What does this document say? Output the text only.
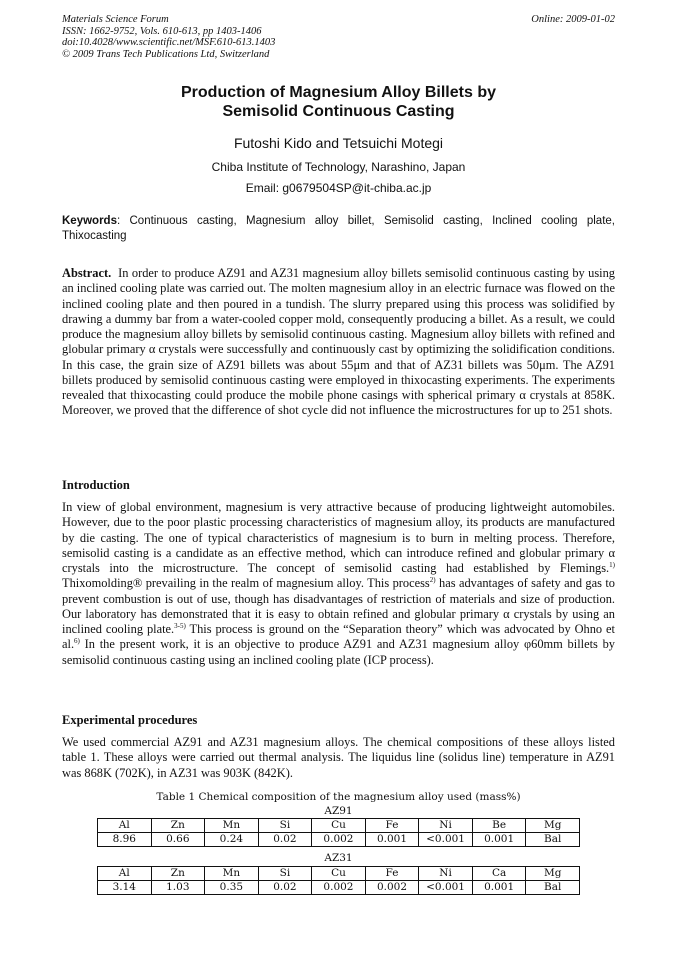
Materials Science Forum
ISSN: 1662-9752, Vols. 610-613, pp 1403-1406
doi:10.4028/www.scientific.net/MSF.610-613.1403
© 2009 Trans Tech Publications Ltd, Switzerland
Online: 2009-01-02
Production of Magnesium Alloy Billets by
Semisolid Continuous Casting
Futoshi Kido and Tetsuichi Motegi
Chiba Institute of Technology, Narashino, Japan
Email: g0679504SP@it-chiba.ac.jp
Keywords: Continuous casting, Magnesium alloy billet, Semisolid casting, Inclined cooling plate, Thixocasting
Abstract. In order to produce AZ91 and AZ31 magnesium alloy billets semisolid continuous casting by using an inclined cooling plate was carried out. The molten magnesium alloy in an electric furnace was flowed on the inclined cooling plate and then poured in a tundish. The slurry prepared using this process was solidified by drawing a dummy bar from a water-cooled copper mold, consequently producing a billet. As a result, we could produce the magnesium alloy billets by semisolid continuous casting. Magnesium alloy billets with refined and globular primary α crystals were successfully and continuously cast by optimizing the solidification conditions. In this case, the grain size of AZ91 billets was about 55μm and that of AZ31 billets was 50μm. The AZ91 billets produced by semisolid continuous casting were employed in thixocasting experiments. The experiments revealed that thixocasting could produce the mobile phone casings with spherical primary α crystals at 858K. Moreover, we proved that the difference of shot cycle did not influence the microstructures for up to 251 shots.
Introduction
In view of global environment, magnesium is very attractive because of producing lightweight automobiles. However, due to the poor plastic processing characteristics of magnesium alloy, its products are manufactured by die casting. The one of typical characteristics of magnesium is to burn in melting process. Therefore, semisolid casting is a candidate as an effective method, which can introduce refined and globular primary α crystals into the microstructure. The concept of semisolid casting had established by Flemings.$^{1)}$ Thixomolding® prevailing in the realm of magnesium alloy. This process$^{2)}$ has advantages of safety and gas to prevent combustion is out of use, though has disadvantages of restriction of materials and size of production. Our laboratory has demonstrated that it is easy to obtain refined and globular primary α crystals by using an inclined cooling plate.$^{3-5)}$ This process is ground on the “Separation theory” which was advocated by Ohno et al.$^{6)}$ In the present work, it is an objective to produce AZ91 and AZ31 magnesium alloy φ60mm billets by semisolid continuous casting using an inclined cooling plate (ICP process).
Experimental procedures
We used commercial AZ91 and AZ31 magnesium alloys. The chemical compositions of these alloys listed table 1. These alloys were carried out thermal analysis. The liquidus line (solidus line) temperature in AZ91 was 868K (702K), in AZ31 was 903K (842K).
Table 1 Chemical composition of the magnesium alloy used (mass%)
AZ91
Al	Zn	Mn	Si	Cu	Fe	Ni	Be	Mg
8.96	0.66	0.24	0.02	0.002	0.001	<0.001	0.001	Bal
AZ31
Al	Zn	Mn	Si	Cu	Fe	Ni	Ca	Mg
3.14	1.03	0.35	0.02	0.002	0.002	<0.001	0.001	Bal
